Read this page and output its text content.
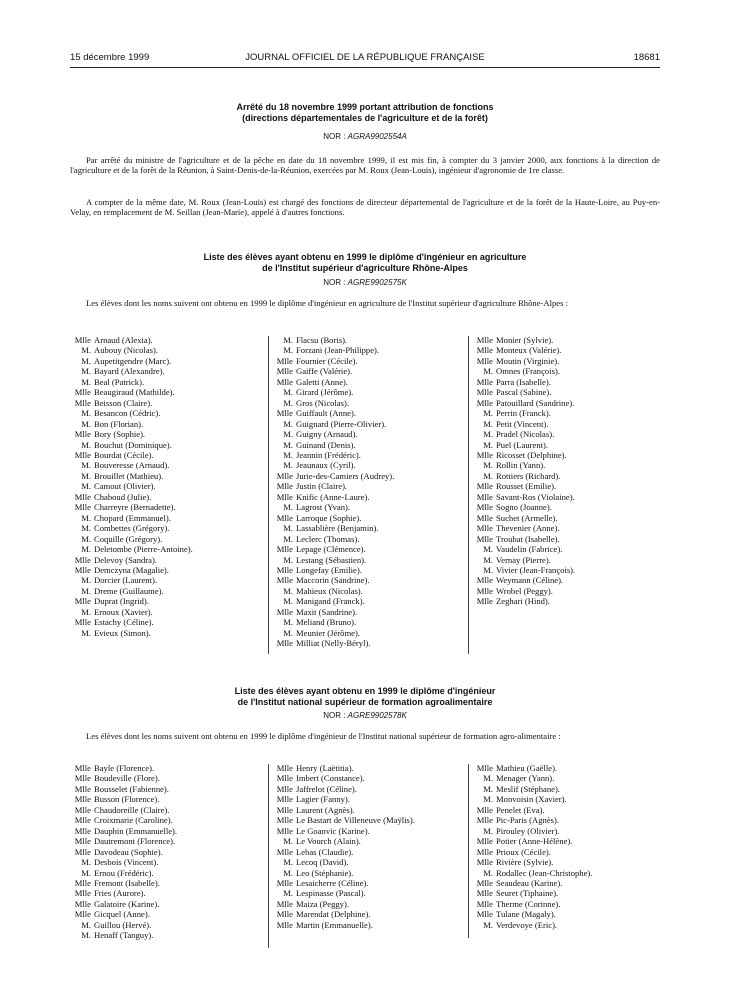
15 décembre 1999	JOURNAL OFFICIEL DE LA RÉPUBLIQUE FRANÇAISE	18681
Arrêté du 18 novembre 1999 portant attribution de fonctions
(directions départementales de l'agriculture et de la forêt)
NOR : AGRA9902554A
Par arrêté du ministre de l'agriculture et de la pêche en date du 18 novembre 1999, il est mis fin, à compter du 3 janvier 2000, aux fonctions à la direction de l'agriculture et de la forêt de la Réunion, à Saint-Denis-de-la-Réunion, exercées par M. Roux (Jean-Louis), ingénieur d'agronomie de 1re classe.
A compter de la même date, M. Roux (Jean-Louis) est chargé des fonctions de directeur départemental de l'agriculture et de la forêt de la Haute-Loire, au Puy-en-Velay, en remplacement de M. Seillan (Jean-Marie), appelé à d'autres fonctions.
Liste des élèves ayant obtenu en 1999 le diplôme d'ingénieur en agriculture
de l'Institut supérieur d'agriculture Rhône-Alpes
NOR : AGRE9902575K
Les élèves dont les noms suivent ont obtenu en 1999 le diplôme d'ingénieur en agriculture de l'Institut supérieur d'agriculture Rhône-Alpes :
Mlle Arnaud (Alexia).
M. Aubouy (Nicolas).
M. Aupetitgendre (Marc).
M. Bayard (Alexandre).
M. Beal (Patrick).
Mlle Beaugiraud (Mathilde).
Mlle Beisson (Claire).
M. Besancon (Cédric).
M. Bon (Florian).
Mlle Bory (Sophie).
M. Bouchut (Dominique).
Mlle Bourdat (Cécile).
M. Bouveresse (Arnaud).
M. Brouillet (Mathieu).
M. Camout (Olivier).
Mlle Chaboud (Julie).
Mlle Charreyre (Bernadette).
M. Chopard (Emmanuel).
M. Combettes (Grégory).
M. Coquille (Grégory).
M. Deletombe (Pierre-Antoine).
Mlle Delevoy (Sandra).
Mlle Demczyna (Magalie).
M. Dorcier (Laurent).
M. Dreme (Guillaume).
Mlle Duprat (Ingrid).
M. Ernoux (Xavier).
Mlle Estachy (Céline).
M. Evieux (Simon).
M. Flacsu (Boris).
M. Forzani (Jean-Philippe).
Mlle Fournier (Cécile).
Mlle Gaiffe (Valérie).
Mlle Galetti (Anne).
M. Girard (Jérôme).
M. Gros (Nicolas).
Mlle Guiffault (Anne).
M. Guignard (Pierre-Olivier).
M. Guigny (Arnaud).
M. Guinand (Denis).
M. Jeannin (Frédéric).
M. Jeaunaux (Cyril).
Mlle Jurie-des-Camiers (Audrey).
Mlle Justin (Claire).
Mlle Knific (Anne-Laure).
M. Lagrost (Yvan).
Mlle Larroque (Sophie).
M. Lassablière (Benjamin).
M. Leclerc (Thomas).
Mlle Lepage (Clémence).
M. Lestang (Sébastien).
Mlle Longefay (Emilie).
Mlle Maccorin (Sandrine).
M. Mahieux (Nicolas).
M. Manigand (Franck).
Mlle Maxit (Sandrine).
M. Meliand (Bruno).
M. Meunier (Jérôme).
Mlle Milliat (Nelly-Béryl).
Mlle Monier (Sylvie).
Mlle Monteux (Valérie).
Mlle Moutin (Virginie).
M. Omnes (François).
Mlle Parra (Isabelle).
Mlle Pascal (Sabine).
Mlle Patouillard (Sandrine).
M. Perrin (Franck).
M. Petit (Vincent).
M. Pradel (Nicolas).
M. Puel (Laurent).
Mlle Ricosset (Delphine).
M. Rollin (Yann).
M. Rottiers (Richard).
Mlle Rousset (Emilie).
Mlle Savant-Ros (Violaine).
Mlle Sogno (Joanne).
Mlle Suchet (Armelle).
Mlle Thevenier (Anne).
Mlle Troubat (Isabelle).
M. Vaudelin (Fabrice).
M. Vernay (Pierre).
M. Vivier (Jean-François).
Mlle Weymann (Céline).
Mlle Wrobel (Peggy).
Mlle Zeghari (Hind).
Liste des élèves ayant obtenu en 1999 le diplôme d'ingénieur
de l'Institut national supérieur de formation agroalimentaire
NOR : AGRE9902578K
Les élèves dont les noms suivent ont obtenu en 1999 le diplôme d'ingénieur de l'Institut national supérieur de formation agro-alimentaire :
Mlle Bayle (Florence).
Mlle Boudeville (Flore).
Mlle Bousselet (Fabienne).
Mlle Busson (Florence).
Mlle Chaudoreille (Claire).
Mlle Croixmarie (Caroline).
Mlle Dauphin (Emmanuelle).
Mlle Dautremont (Florence).
Mlle Davodeau (Sophie).
M. Desbois (Vincent).
M. Ernou (Frédéric).
Mlle Fremont (Isabelle).
Mlle Fries (Aurore).
Mlle Galatoire (Karine).
Mlle Gicquel (Anne).
M. Guillou (Hervé).
M. Henaff (Tanguy).
Mlle Henry (Laëtitia).
Mlle Imbert (Constance).
Mlle Jaffrelot (Céline).
Mlle Lagier (Fanny).
Mlle Laurent (Agnès).
Mlle Le Bastart de Villeneuve (Maÿlis).
Mlle Le Goanvic (Karine).
M. Le Vourch (Alain).
Mlle Lebas (Claudie).
M. Lecoq (David).
M. Leo (Stéphanie).
Mlle Lesaicherre (Céline).
M. Lespinasse (Pascal).
Mlle Maiza (Peggy).
Mlle Marendat (Delphine).
Mlle Martin (Emmanuelle).
Mlle Mathieu (Gaëlle).
M. Menager (Yann).
M. Meslif (Stéphane).
M. Monvoisin (Xavier).
Mlle Penelet (Eva).
Mlle Pic-Paris (Agnès).
M. Pirouley (Olivier).
Mlle Potier (Anne-Hélène).
Mlle Prioux (Cécile).
Mlle Rivière (Sylvie).
M. Rodallec (Jean-Christophe).
Mlle Seaudeau (Karine).
Mlle Seuret (Tiphaine).
Mlle Therme (Corinne).
Mlle Tulane (Magaly).
M. Verdevoye (Eric).
